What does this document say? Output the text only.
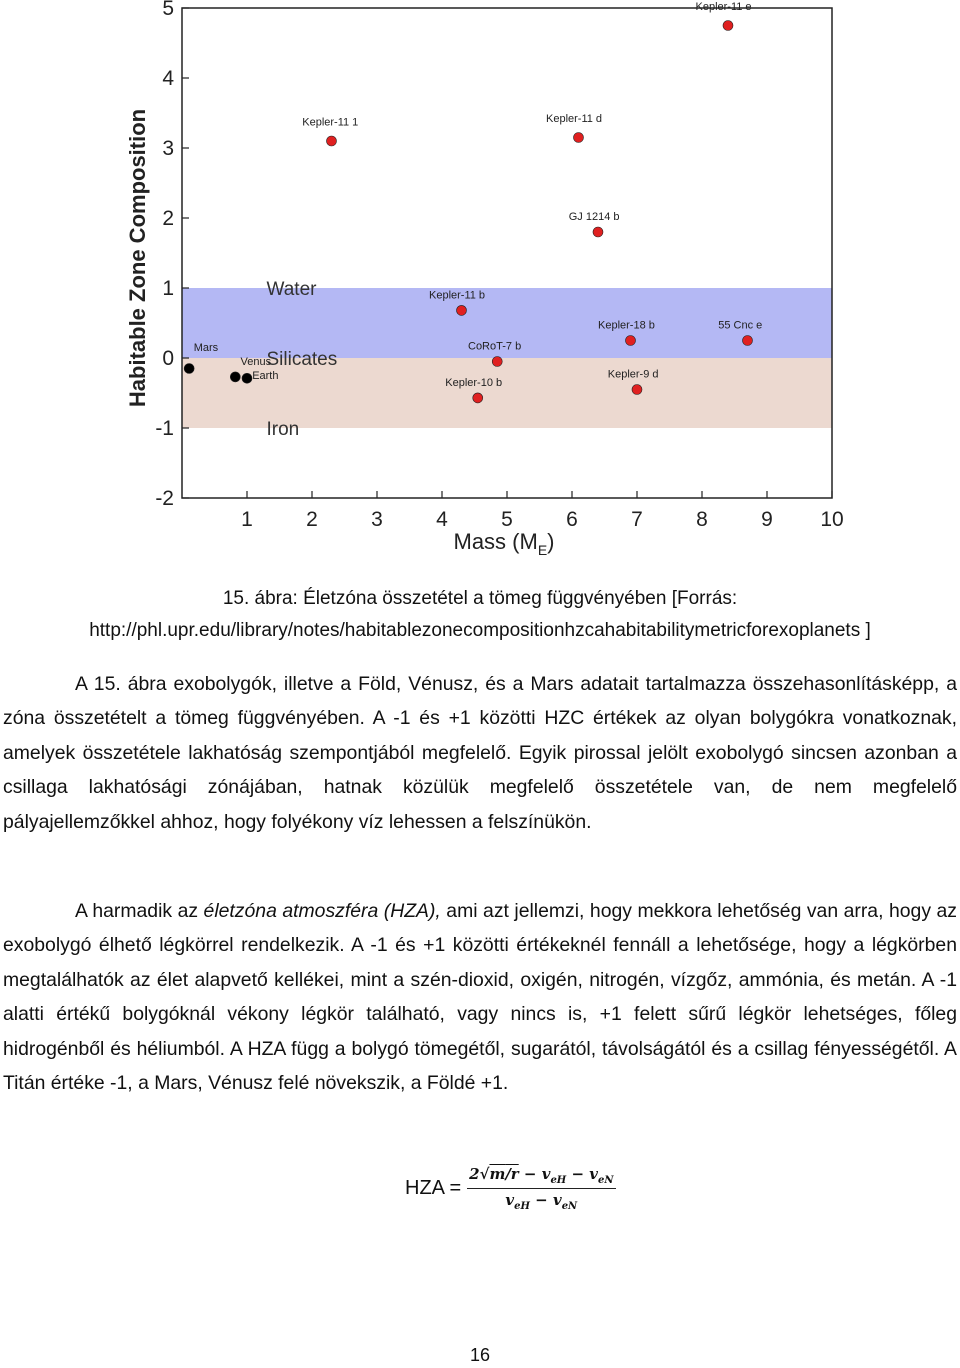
1	2	3	4	5	6	7	8	9 10
-2
-1
0
1
2
3
4
5
Water
Silicates
Iron
Mars
Venus
Earth
Kepler-11 1	Kepler-11 d
Kepler-11 e
GJ 1214 b
Kepler-11 b
Kepler-18 b	55 Cnc e
CoRoT-7 b
Kepler-10 b
Kepler-9 d
Habitable Zone Composition
Mass $(M_E)$
15. ábra: Életzóna összetétel a tömeg függvényében [Forrás:
http://phl.upr.edu/library/notes/habitablezonecompositionhzcahabitabilitymetricforexoplanets ]

A 15. ábra exobolygók, illetve a Föld, Vénusz, és a Mars adatait tartalmazza összehasonlításképp, a zóna összetételt a tömeg függvényében. A -1 és +1 közötti HZC értékek az olyan bolygókra vonatkoznak, amelyek összetétele lakhatóság szempontjából megfelelő. Egyik pirossal jelölt exobolygó sincsen azonban a csillaga lakhatósági zónájában, hatnak közülük megfelelő összetétele van, de nem megfelelő pályajellemzőkkel ahhoz, hogy folyékony víz lehessen a felszínükön.

A harmadik az életzóna atmoszféra (HZA), ami azt jellemzi, hogy mekkora lehetőség van arra, hogy az exobolygó élhető légkörrel rendelkezik. A -1 és +1 közötti értékeknél fennáll a lehetősége, hogy a légkörben megtalálhatók az élet alapvető kellékei, mint a szén-dioxid, oxigén, nitrogén, vízgőz, ammónia, és metán. A -1 alatti értékű bolygóknál vékony légkör található, vagy nincs is, +1 felett sűrű légkör lehetséges, főleg hidrogénből és héliumból. A HZA függ a bolygó tömegétől, sugarától, távolságától és a csillag fényességétől. A Titán értéke -1, a Mars, Vénusz felé növekszik, a Földé +1.

HZA = $\frac{2√m/r - v_{eH} - v_{eN}}{v_{eH} - v_{eN}}$
16
